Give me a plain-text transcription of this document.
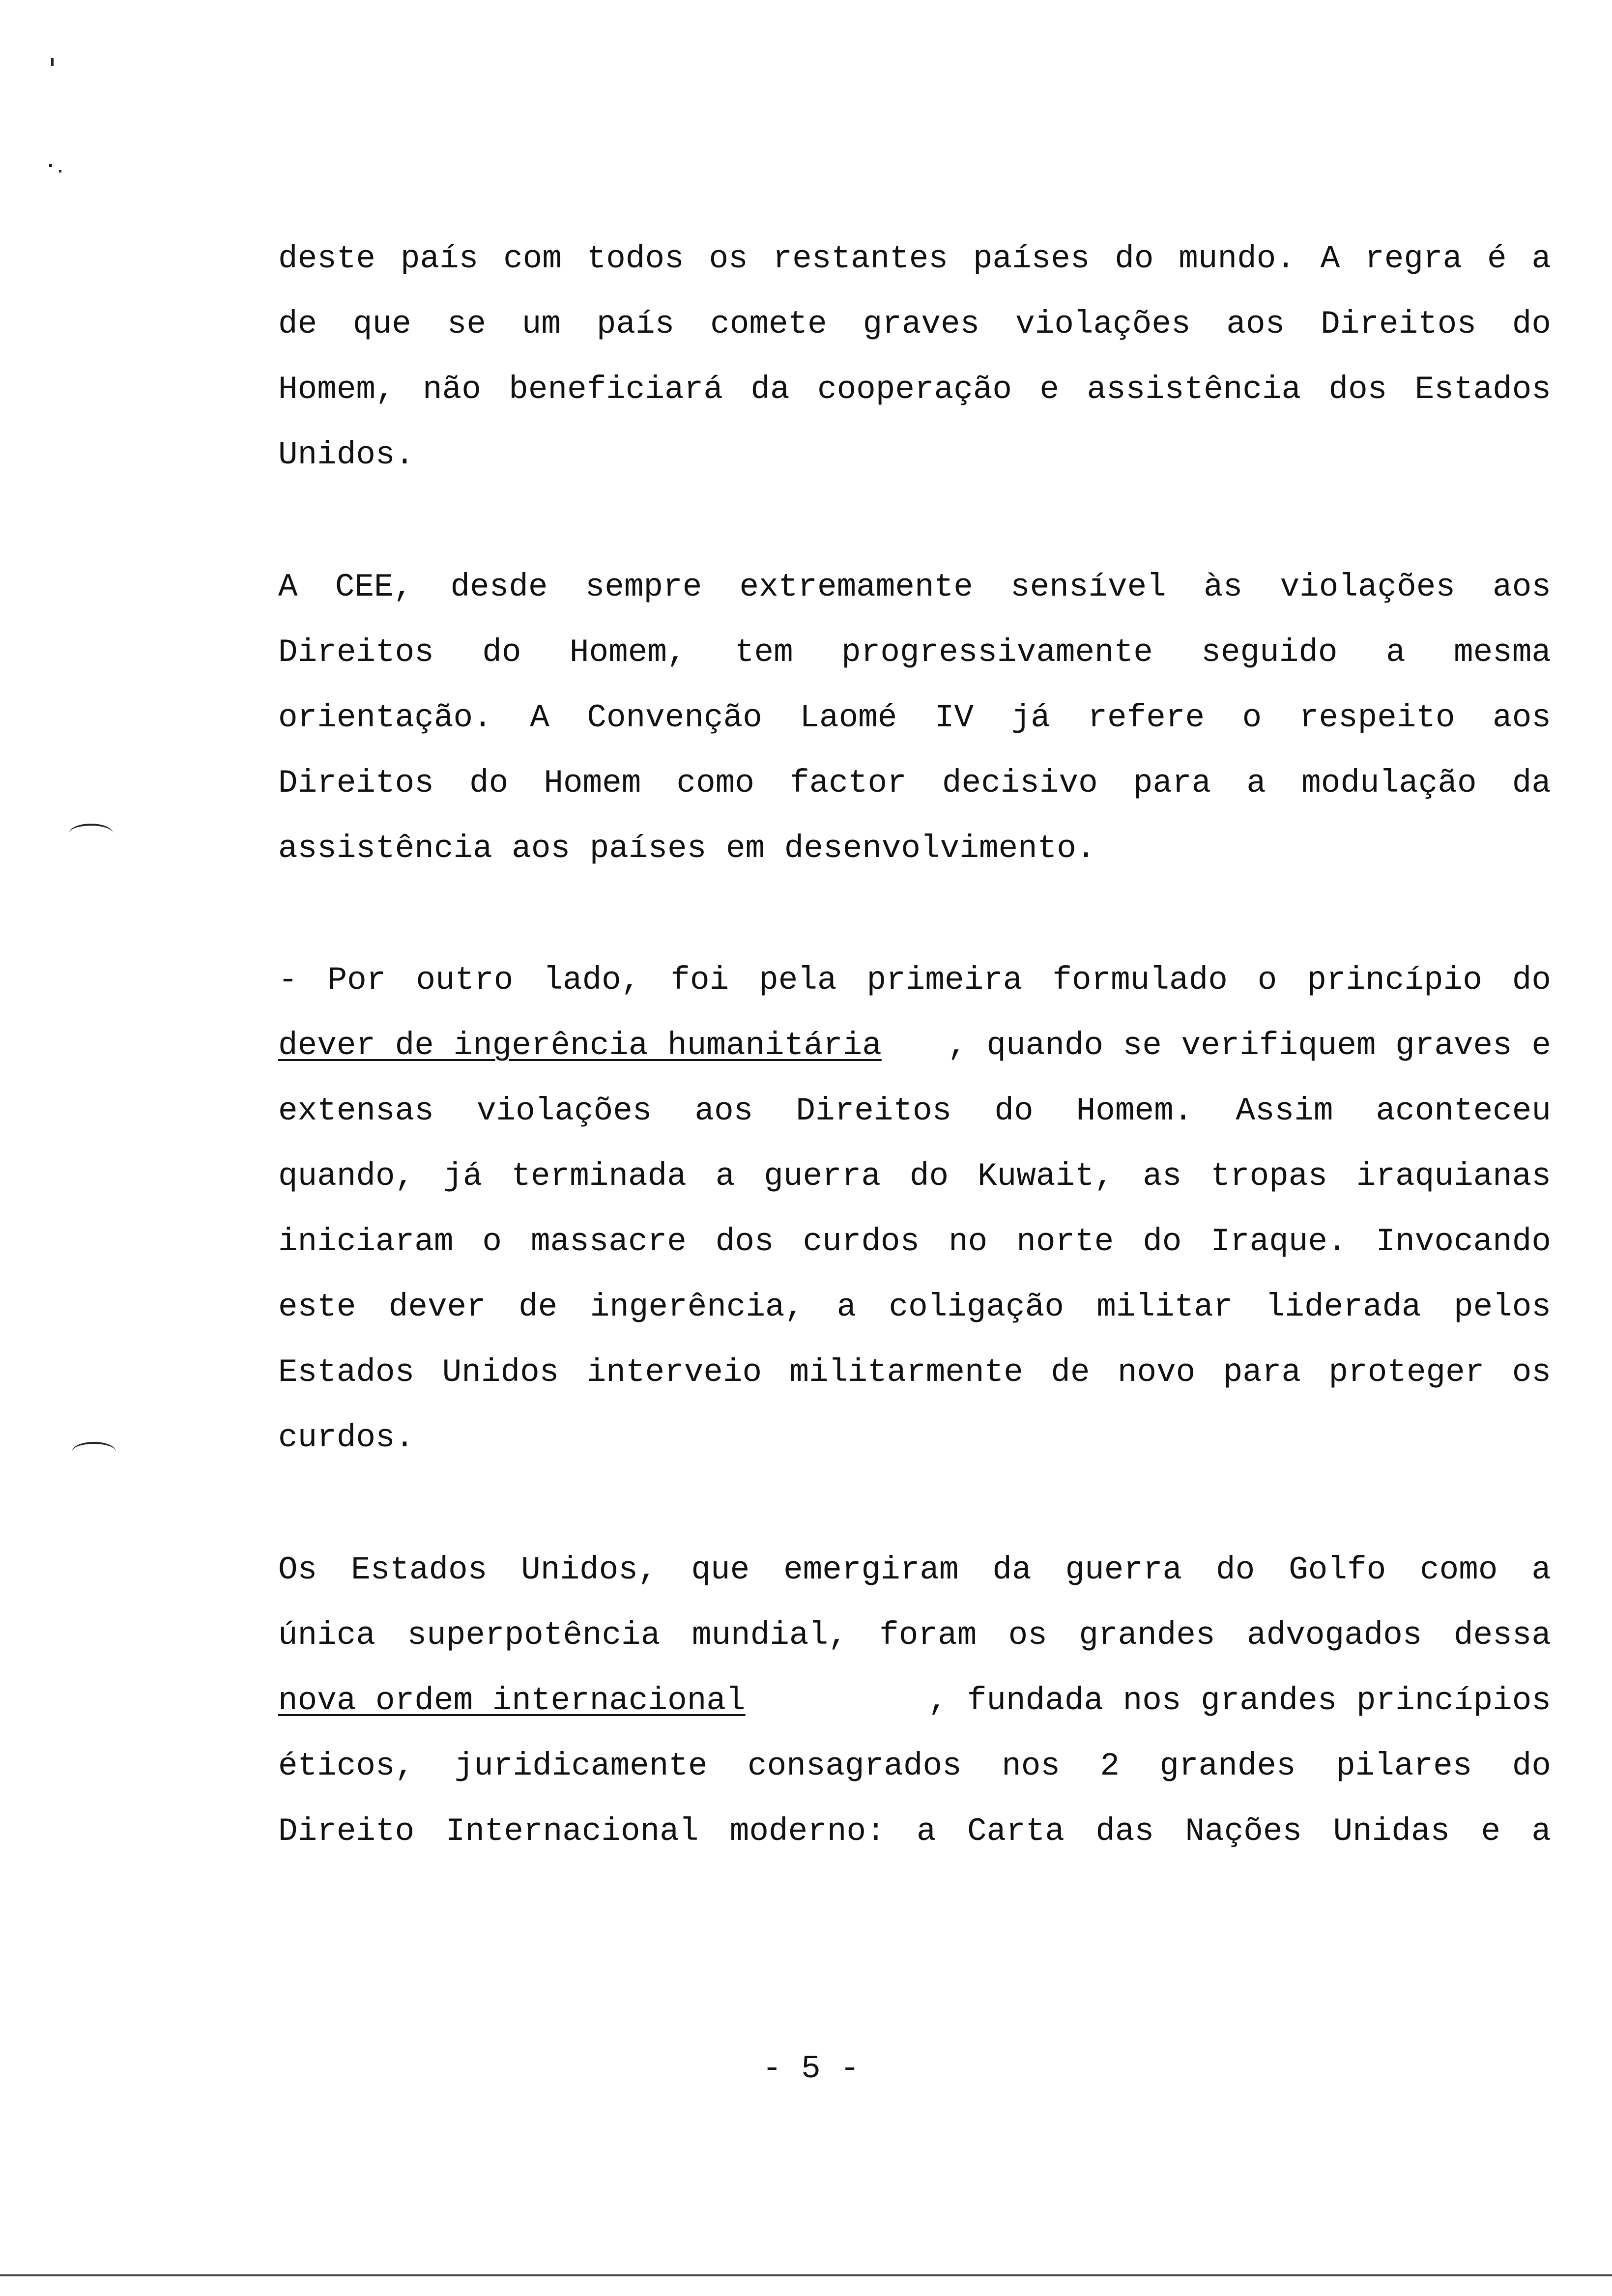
deste país com todos os restantes países do mundo. A regra é a
de que se um país comete graves violações aos Direitos do
Homem, não beneficiará da cooperação e assistência dos Estados
Unidos.
A CEE, desde sempre extremamente sensível às violações aos
Direitos do Homem, tem progressivamente seguido a mesma
orientação. A Convenção Laomé IV já refere o respeito aos
Direitos do Homem como factor decisivo para a modulação da
assistência aos países em desenvolvimento.
- Por outro lado, foi pela primeira formulado o princípio do
dever de ingerência humanitária	, quando se verifiquem graves e
extensas violações aos Direitos do Homem. Assim aconteceu
quando, já terminada a guerra do Kuwait, as tropas iraquianas
iniciaram o massacre dos curdos no norte do Iraque. Invocando
este dever de ingerência, a coligação militar liderada pelos
Estados Unidos interveio militarmente de novo para proteger os
curdos.
Os Estados Unidos, que emergiram da guerra do Golfo como a
única superpotência mundial, foram os grandes advogados dessa
nova ordem internacional	, fundada nos grandes princípios
éticos, juridicamente consagrados nos 2 grandes pilares do
Direito Internacional moderno: a Carta das Nações Unidas e a
- 5 -
